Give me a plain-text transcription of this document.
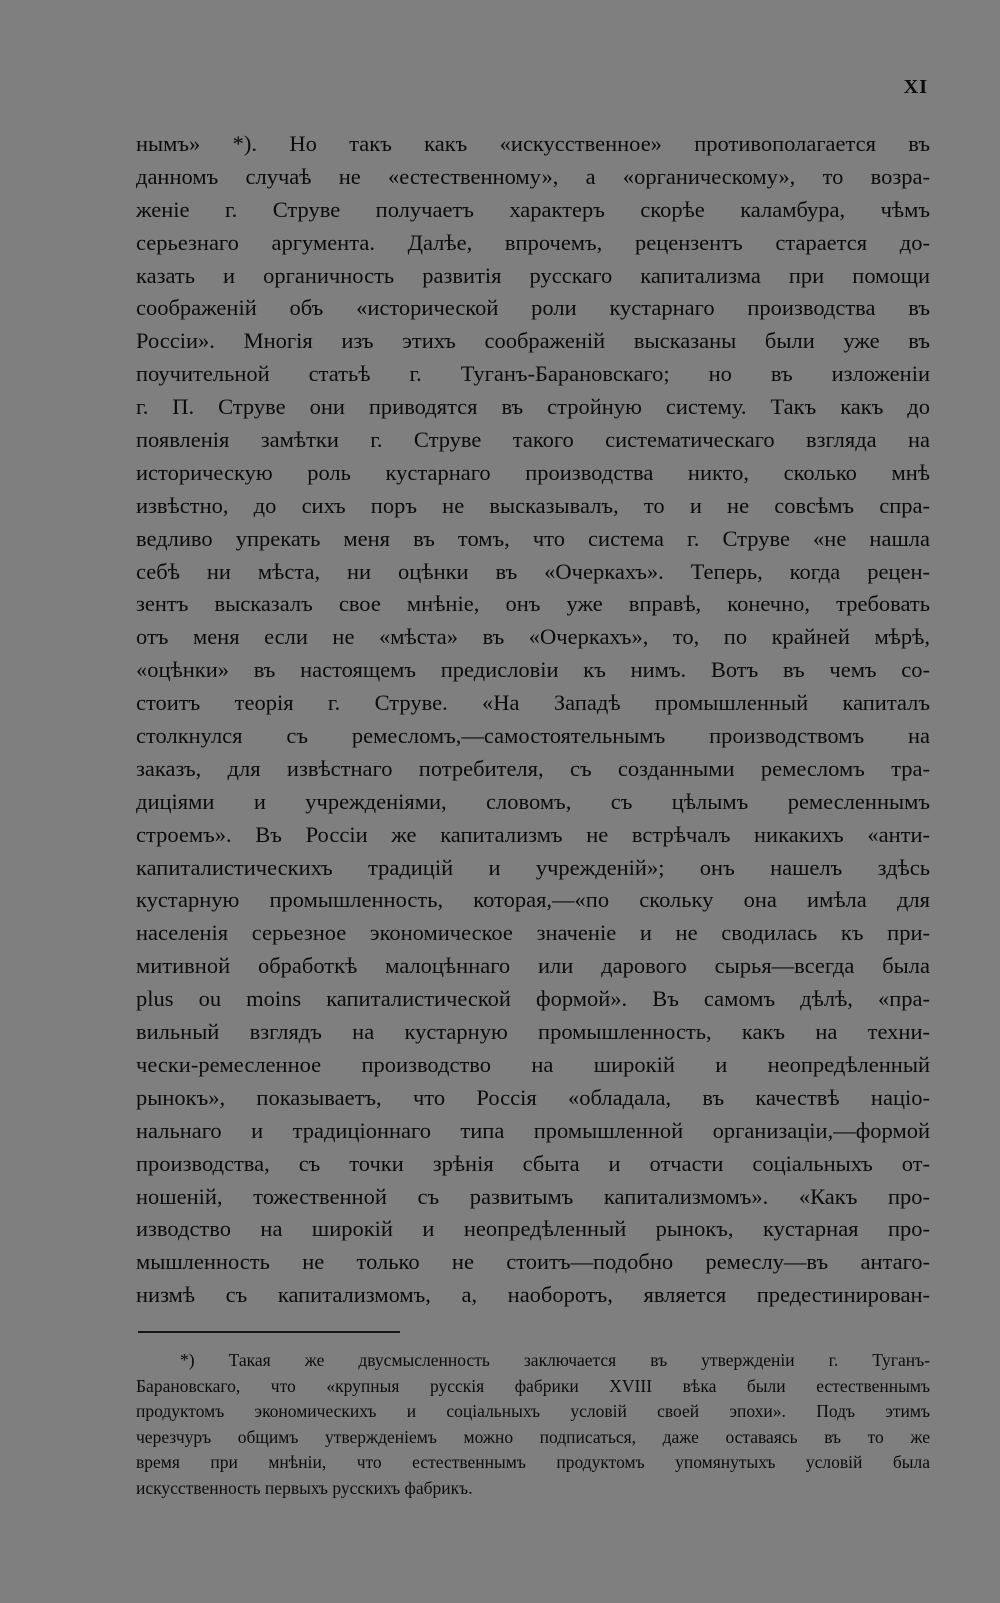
XI
нымъ» *). Но такъ какъ «искусственное» противополагается въ
данномъ случаѣ не «естественному», а «органическому», то возра-
женіе г. Струве получаетъ характеръ скорѣе каламбура, чѣмъ
серьезнаго аргумента. Далѣе, впрочемъ, рецензентъ старается до-
казать и органичность развитія русскаго капитализма при помощи
соображеній объ «исторической роли кустарнаго производства въ
Россіи». Многія изъ этихъ соображеній высказаны были уже въ
поучительной статьѣ г. Туганъ-Барановскаго; но въ изложеніи
г. П. Струве они приводятся въ стройную систему. Такъ какъ до
появленія замѣтки г. Струве такого систематическаго взгляда на
историческую роль кустарнаго производства никто, сколько мнѣ
извѣстно, до сихъ поръ не высказывалъ, то и не совсѣмъ спра-
ведливо упрекать меня въ томъ, что система г. Струве «не нашла
себѣ ни мѣста, ни оцѣнки въ «Очеркахъ». Теперь, когда рецен-
зентъ высказалъ свое мнѣніе, онъ уже вправѣ, конечно, требовать
отъ меня если не «мѣста» въ «Очеркахъ», то, по крайней мѣрѣ,
«оцѣнки» въ настоящемъ предисловіи къ нимъ. Вотъ въ чемъ со-
стоитъ теорія г. Струве. «На Западѣ промышленный капиталъ
столкнулся съ ремесломъ,—самостоятельнымъ производствомъ на
заказъ, для извѣстнаго потребителя, съ созданными ремесломъ тра-
диціями и учрежденіями, словомъ, съ цѣлымъ ремесленнымъ
строемъ». Въ Россіи же капитализмъ не встрѣчалъ никакихъ «анти-
капиталистическихъ традицій и учрежденій»; онъ нашелъ здѣсь
кустарную промышленность, которая,—«по скольку она имѣла для
населенія серьезное экономическое значеніе и не сводилась къ при-
митивной обработкѣ малоцѣннаго или дарового сырья—всегда была
plus ou moins капиталистической формой». Въ самомъ дѣлѣ, «пра-
вильный взглядъ на кустарную промышленность, какъ на техни-
чески-ремесленное производство на широкій и неопредѣленный
рынокъ», показываетъ, что Россія «обладала, въ качествѣ націо-
нальнаго и традиціоннаго типа промышленной организаціи,—формой
производства, съ точки зрѣнія сбыта и отчасти соціальныхъ от-
ношеній, тожественной съ развитымъ капитализмомъ». «Какъ про-
изводство на широкій и неопредѣленный рынокъ, кустарная про-
мышленность не только не стоитъ—подобно ремеслу—въ антаго-
низмѣ съ капитализмомъ, а, наоборотъ, является предестинирован-
*) Такая же двусмысленность заключается въ утвержденіи г. Туганъ-
Барановскаго, что «крупныя русскія фабрики XVIII вѣка были естественнымъ
продуктомъ экономическихъ и соціальныхъ условій своей эпохи». Подъ этимъ
черезчуръ общимъ утвержденіемъ можно подписаться, даже оставаясь въ то же
время при мнѣніи, что естественнымъ продуктомъ упомянутыхъ условій была
искусственность первыхъ русскихъ фабрикъ.
